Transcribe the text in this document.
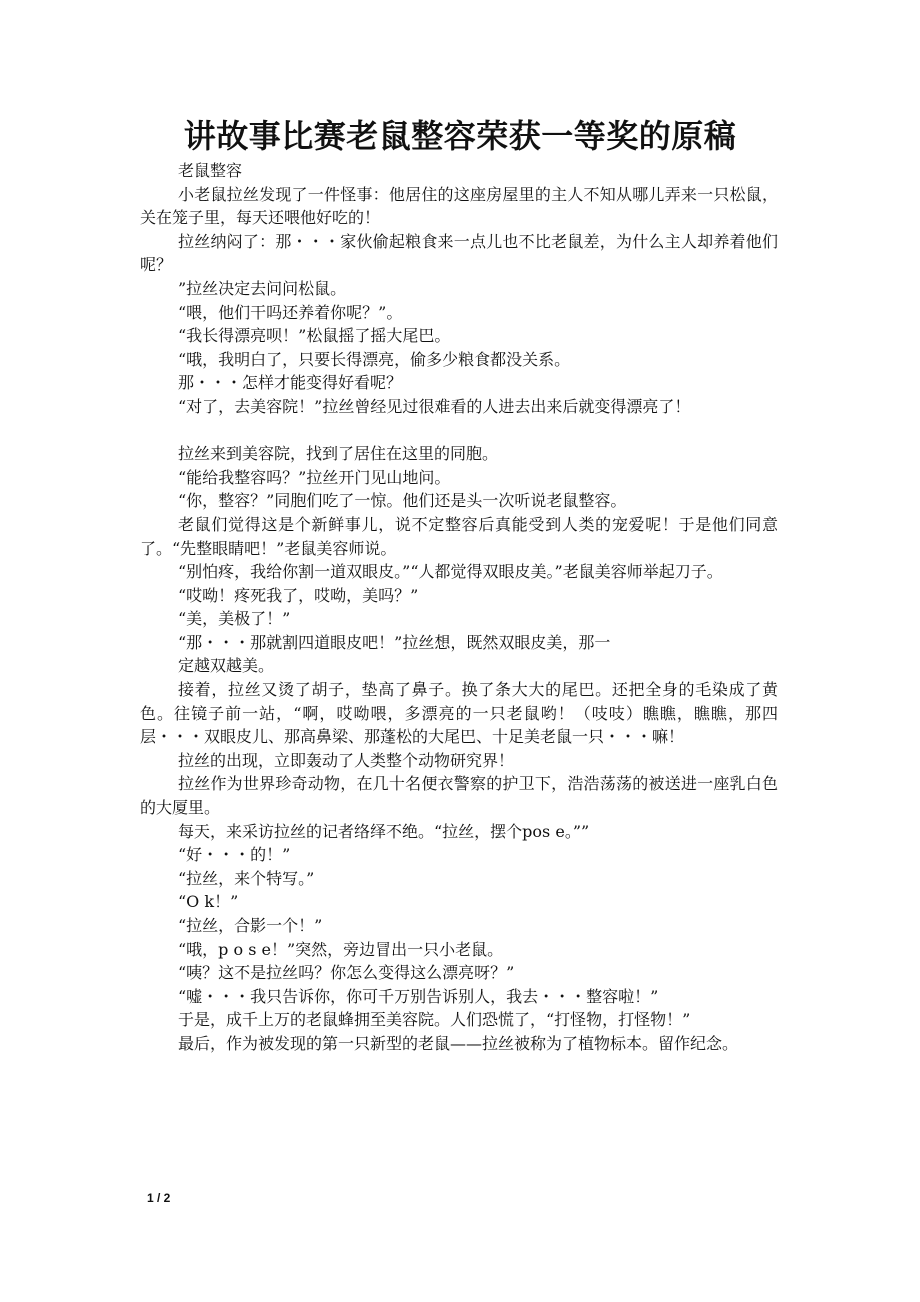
讲故事比赛老鼠整容荣获一等奖的原稿

老鼠整容

小老鼠拉丝发现了一件怪事：他居住的这座房屋里的主人不知从哪儿弄来一只松鼠，关在笼子里，每天还喂他好吃的！

拉丝纳闷了：那・・・家伙偷起粮食来一点儿也不比老鼠差，为什么主人却养着他们呢？

”拉丝决定去问问松鼠。

“喂，他们干吗还养着你呢？”。

“我长得漂亮呗！”松鼠摇了摇大尾巴。

“哦，我明白了，只要长得漂亮，偷多少粮食都没关系。

那・・・怎样才能变得好看呢？

“对了，去美容院！”拉丝曾经见过很难看的人进去出来后就变得漂亮了！

拉丝来到美容院，找到了居住在这里的同胞。

“能给我整容吗？”拉丝开门见山地问。

“你，整容？”同胞们吃了一惊。他们还是头一次听说老鼠整容。

老鼠们觉得这是个新鲜事儿，说不定整容后真能受到人类的宠爱呢！于是他们同意了。“先整眼睛吧！”老鼠美容师说。

“别怕疼，我给你割一道双眼皮。”“人都觉得双眼皮美。”老鼠美容师举起刀子。

“哎呦！疼死我了，哎呦，美吗？”

“美，美极了！”

“那・・・那就割四道眼皮吧！”拉丝想，既然双眼皮美，那一

定越双越美。

接着，拉丝又烫了胡子，垫高了鼻子。换了条大大的尾巴。还把全身的毛染成了黄色。往镜子前一站，“啊，哎呦喂，多漂亮的一只老鼠哟！（吱吱）瞧瞧，瞧瞧，那四层・・・双眼皮儿、那高鼻梁、那蓬松的大尾巴、十足美老鼠一只・・・嘛！

拉丝的出现，立即轰动了人类整个动物研究界！

拉丝作为世界珍奇动物，在几十名便衣警察的护卫下，浩浩荡荡的被送进一座乳白色的大厦里。

每天，来采访拉丝的记者络绎不绝。“拉丝，摆个pos e。””

“好・・・的！”

“拉丝，来个特写。”

“O k！”

“拉丝，合影一个！”

“哦，p o s e！”突然，旁边冒出一只小老鼠。

“咦？这不是拉丝吗？你怎么变得这么漂亮呀？”

“嘘・・・我只告诉你，你可千万别告诉别人，我去・・・整容啦！”

于是，成千上万的老鼠蜂拥至美容院。人们恐慌了，“打怪物，打怪物！”

最后，作为被发现的第一只新型的老鼠——拉丝被称为了植物标本。留作纪念。

1 / 2
